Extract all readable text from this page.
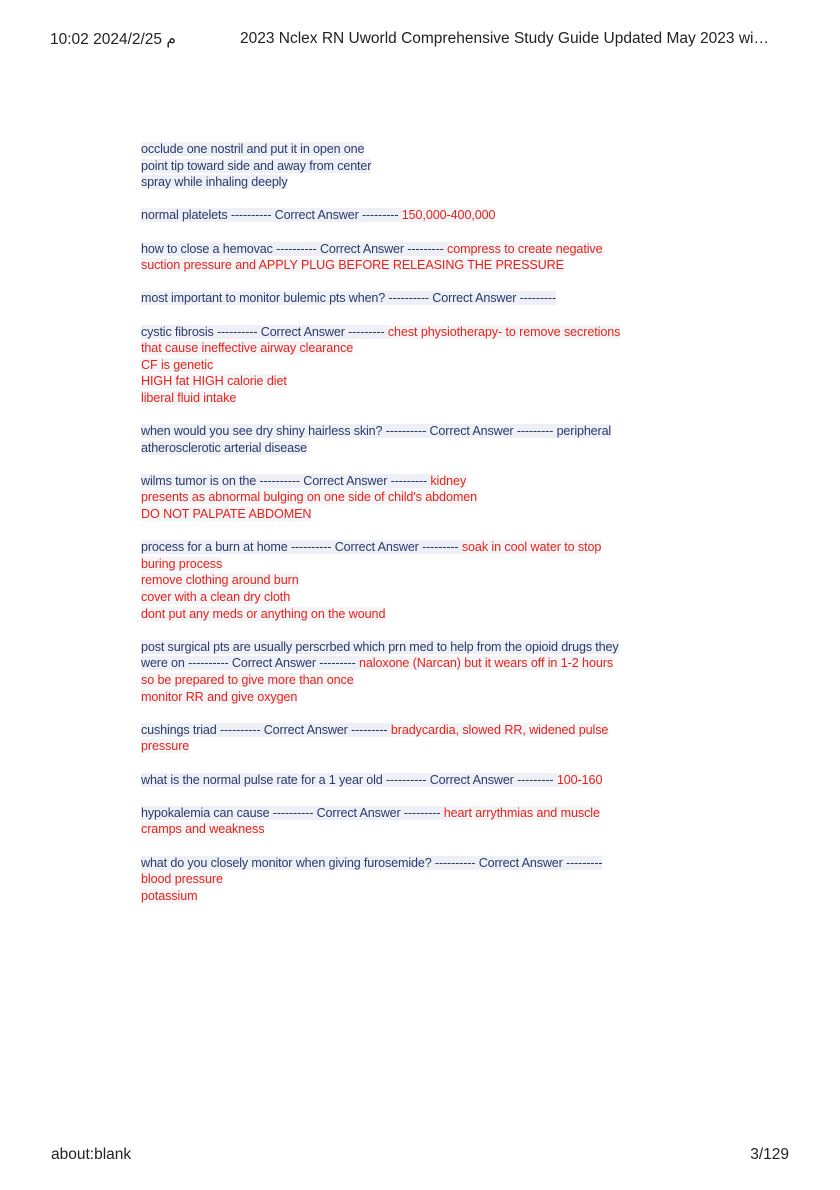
10:02 2024/2/25 م	2023 Nclex RN Uworld Comprehensive Study Guide Updated May 2023 wi…
occlude one nostril and put it in open one
point tip toward side and away from center
spray while inhaling deeply
normal platelets ---------- Correct Answer --------- 150,000-400,000
how to close a hemovac ---------- Correct Answer --------- compress to create negative
suction pressure and APPLY PLUG BEFORE RELEASING THE PRESSURE
most important to monitor bulemic pts when? ---------- Correct Answer ---------
cystic fibrosis ---------- Correct Answer --------- chest physiotherapy- to remove secretions
that cause ineffective airway clearance
CF is genetic
HIGH fat HIGH calorie diet
liberal fluid intake
when would you see dry shiny hairless skin? ---------- Correct Answer --------- peripheral
atherosclerotic arterial disease
wilms tumor is on the ---------- Correct Answer --------- kidney
presents as abnormal bulging on one side of child's abdomen
DO NOT PALPATE ABDOMEN
process for a burn at home ---------- Correct Answer --------- soak in cool water to stop
buring process
remove clothing around burn
cover with a clean dry cloth
dont put any meds or anything on the wound
post surgical pts are usually perscrbed which prn med to help from the opioid drugs they
were on ---------- Correct Answer --------- naloxone (Narcan) but it wears off in 1-2 hours
so be prepared to give more than once
monitor RR and give oxygen
cushings triad ---------- Correct Answer --------- bradycardia, slowed RR, widened pulse
pressure
what is the normal pulse rate for a 1 year old ---------- Correct Answer --------- 100-160
hypokalemia can cause ---------- Correct Answer --------- heart arrythmias and muscle
cramps and weakness
what do you closely monitor when giving furosemide? ---------- Correct Answer ---------
blood pressure
potassium
about:blank	3/129
